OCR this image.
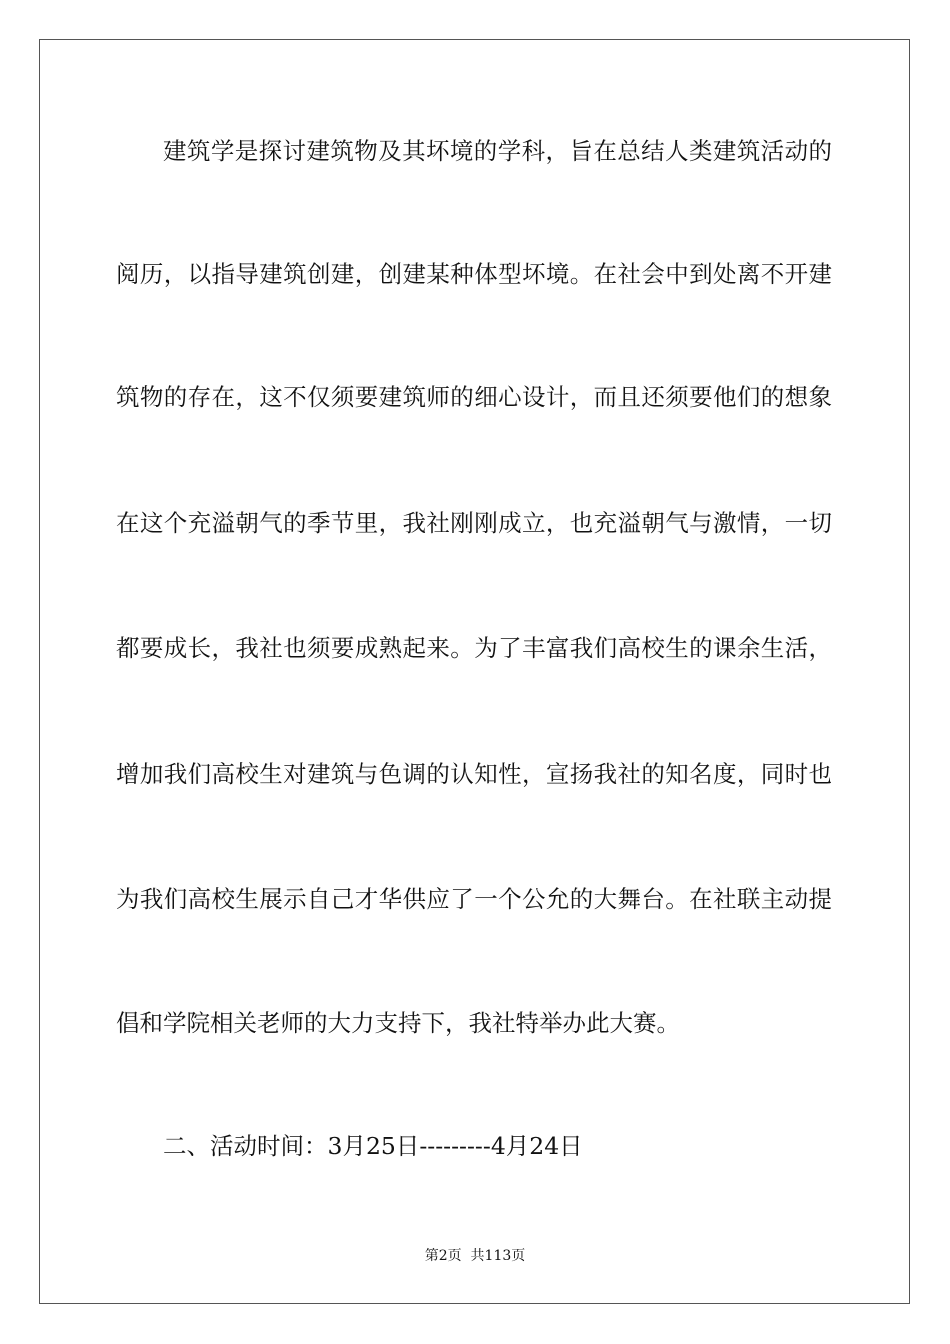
建筑学是探讨建筑物及其坏境的学科，旨在总结人类建筑活动的
阅历，以指导建筑创建，创建某种体型坏境。在社会中到处离不开建
筑物的存在，这不仅须要建筑师的细心设计，而且还须要他们的想象
在这个充溢朝气的季节里，我社刚刚成立，也充溢朝气与激情，一切
都要成长，我社也须要成熟起来。为了丰富我们高校生的课余生活，
增加我们高校生对建筑与色调的认知性，宣扬我社的知名度，同时也
为我们高校生展示自己才华供应了一个公允的大舞台。在社联主动提
倡和学院相关老师的大力支持下，我社特举办此大赛。
二、活动时间：3月25日---------4月24日
第2页  共113页
